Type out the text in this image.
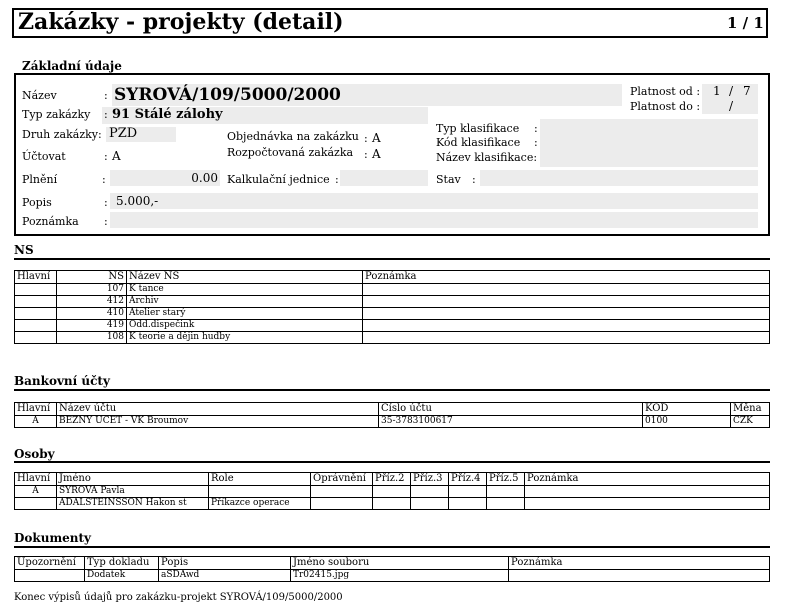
Zakázky - projekty (detail)	1 / 1
Základní údaje
Název	: SYROVÁ/109/5000/2000	Platnost od : 1 / 7
Platnost do : /
Typ zakázky : 91 Stálé zálohy
Druh zakázky: PZD
Účtovat	: A
Objednávka na zakázku : A
Rozpočtovaná zakázka : A
Typ klasifikace :
Kód klasifikace :
Název klasifikace:
Plnění	:	0.00 Kalkulační jednice :	Stav :
Popis	: 5.000,-
Poznámka :
NS
Hlavní	NS	Název NS	Poznámka
	107	K tance	
	412	Archiv	
	410	Atelier starý	
	419	Odd.dispečink	
	108	K teorie a dějin hudby	
Bankovní účty
Hlavní	Název účtu	Číslo účtu	KOD	Měna
A	BĚŽNÝ ÚČET - VK Broumov	35-3783100617	0100	CZK
Osoby
Hlavní	Jméno	Role	Oprávnění	Příz.2	Příz.3	Příz.4	Příz.5	Poznámka
A	SYROVÁ Pavla							
	ADALSTEINSSON Hakon st	Příkazce operace						
Dokumenty
Upozornění	Typ dokladu	Popis	Jméno souboru	Poznámka
	Dodatek	aSDAwd	Tr02415.jpg	
Konec výpisů údajů pro zakázku-projekt SYROVÁ/109/5000/2000
